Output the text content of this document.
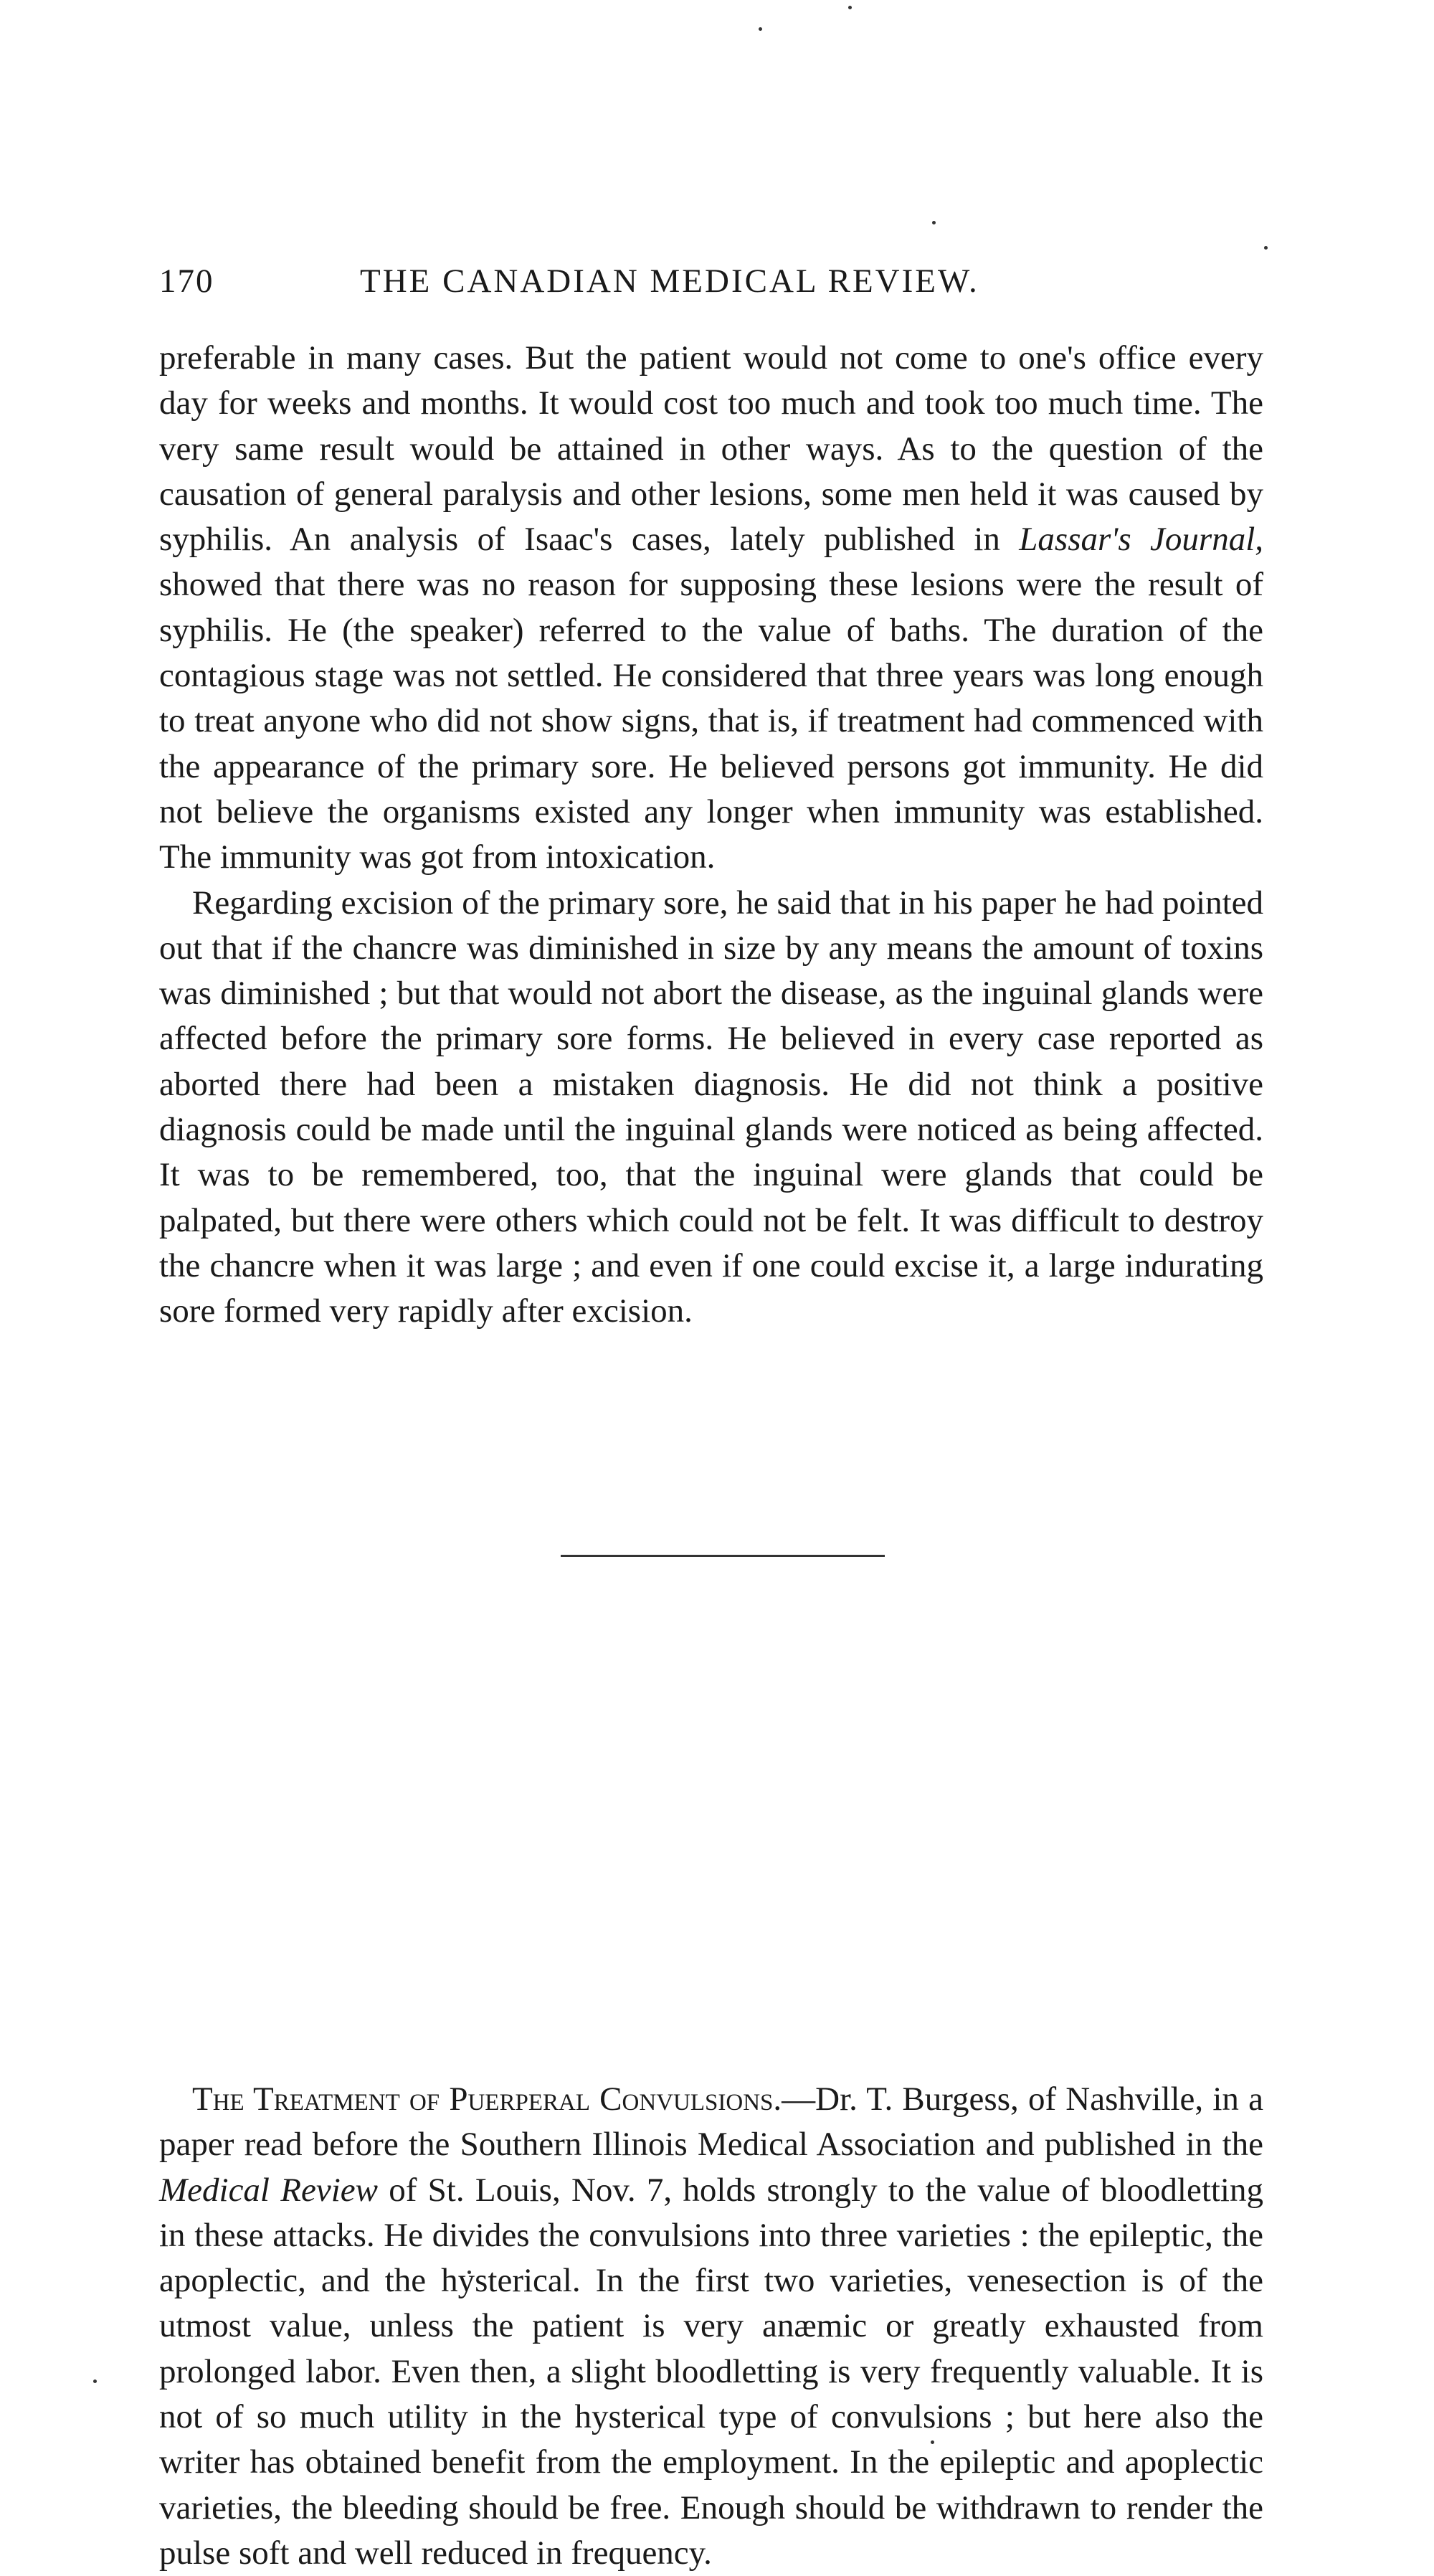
170	THE CANADIAN MEDICAL REVIEW.

preferable in many cases. But the patient would not come to one's office every day for weeks and months. It would cost too much and took too much time. The very same result would be attained in other ways. As to the question of the causation of general paralysis and other lesions, some men held it was caused by syphilis. An analysis of Isaac's cases, lately published in Lassar's Journal, showed that there was no reason for supposing these lesions were the result of syphilis. He (the speaker) referred to the value of baths. The duration of the contagious stage was not settled. He considered that three years was long enough to treat anyone who did not show signs, that is, if treatment had commenced with the appearance of the primary sore. He believed persons got immunity. He did not believe the organisms existed any longer when immunity was established. The immunity was got from intoxication.

Regarding excision of the primary sore, he said that in his paper he had pointed out that if the chancre was diminished in size by any means the amount of toxins was diminished ; but that would not abort the disease, as the inguinal glands were affected before the primary sore forms. He believed in every case reported as aborted there had been a mistaken diagnosis. He did not think a positive diagnosis could be made until the inguinal glands were noticed as being affected. It was to be remembered, too, that the inguinal were glands that could be palpated, but there were others which could not be felt. It was difficult to destroy the chancre when it was large ; and even if one could excise it, a large indurating sore formed very rapidly after excision.

The Treatment of Puerperal Convulsions.—Dr. T. Burgess, of Nashville, in a paper read before the Southern Illinois Medical Association and published in the Medical Review of St. Louis, Nov. 7, holds strongly to the value of bloodletting in these attacks. He divides the convulsions into three varieties : the epileptic, the apoplectic, and the hysterical. In the first two varieties, venesection is of the utmost value, unless the patient is very anæmic or greatly exhausted from prolonged labor. Even then, a slight bloodletting is very frequently valuable. It is not of so much utility in the hysterical type of convulsions ; but here also the writer has obtained benefit from the employment. In the epileptic and apoplectic varieties, the bleeding should be free. Enough should be withdrawn to render the pulse soft and well reduced in frequency.
